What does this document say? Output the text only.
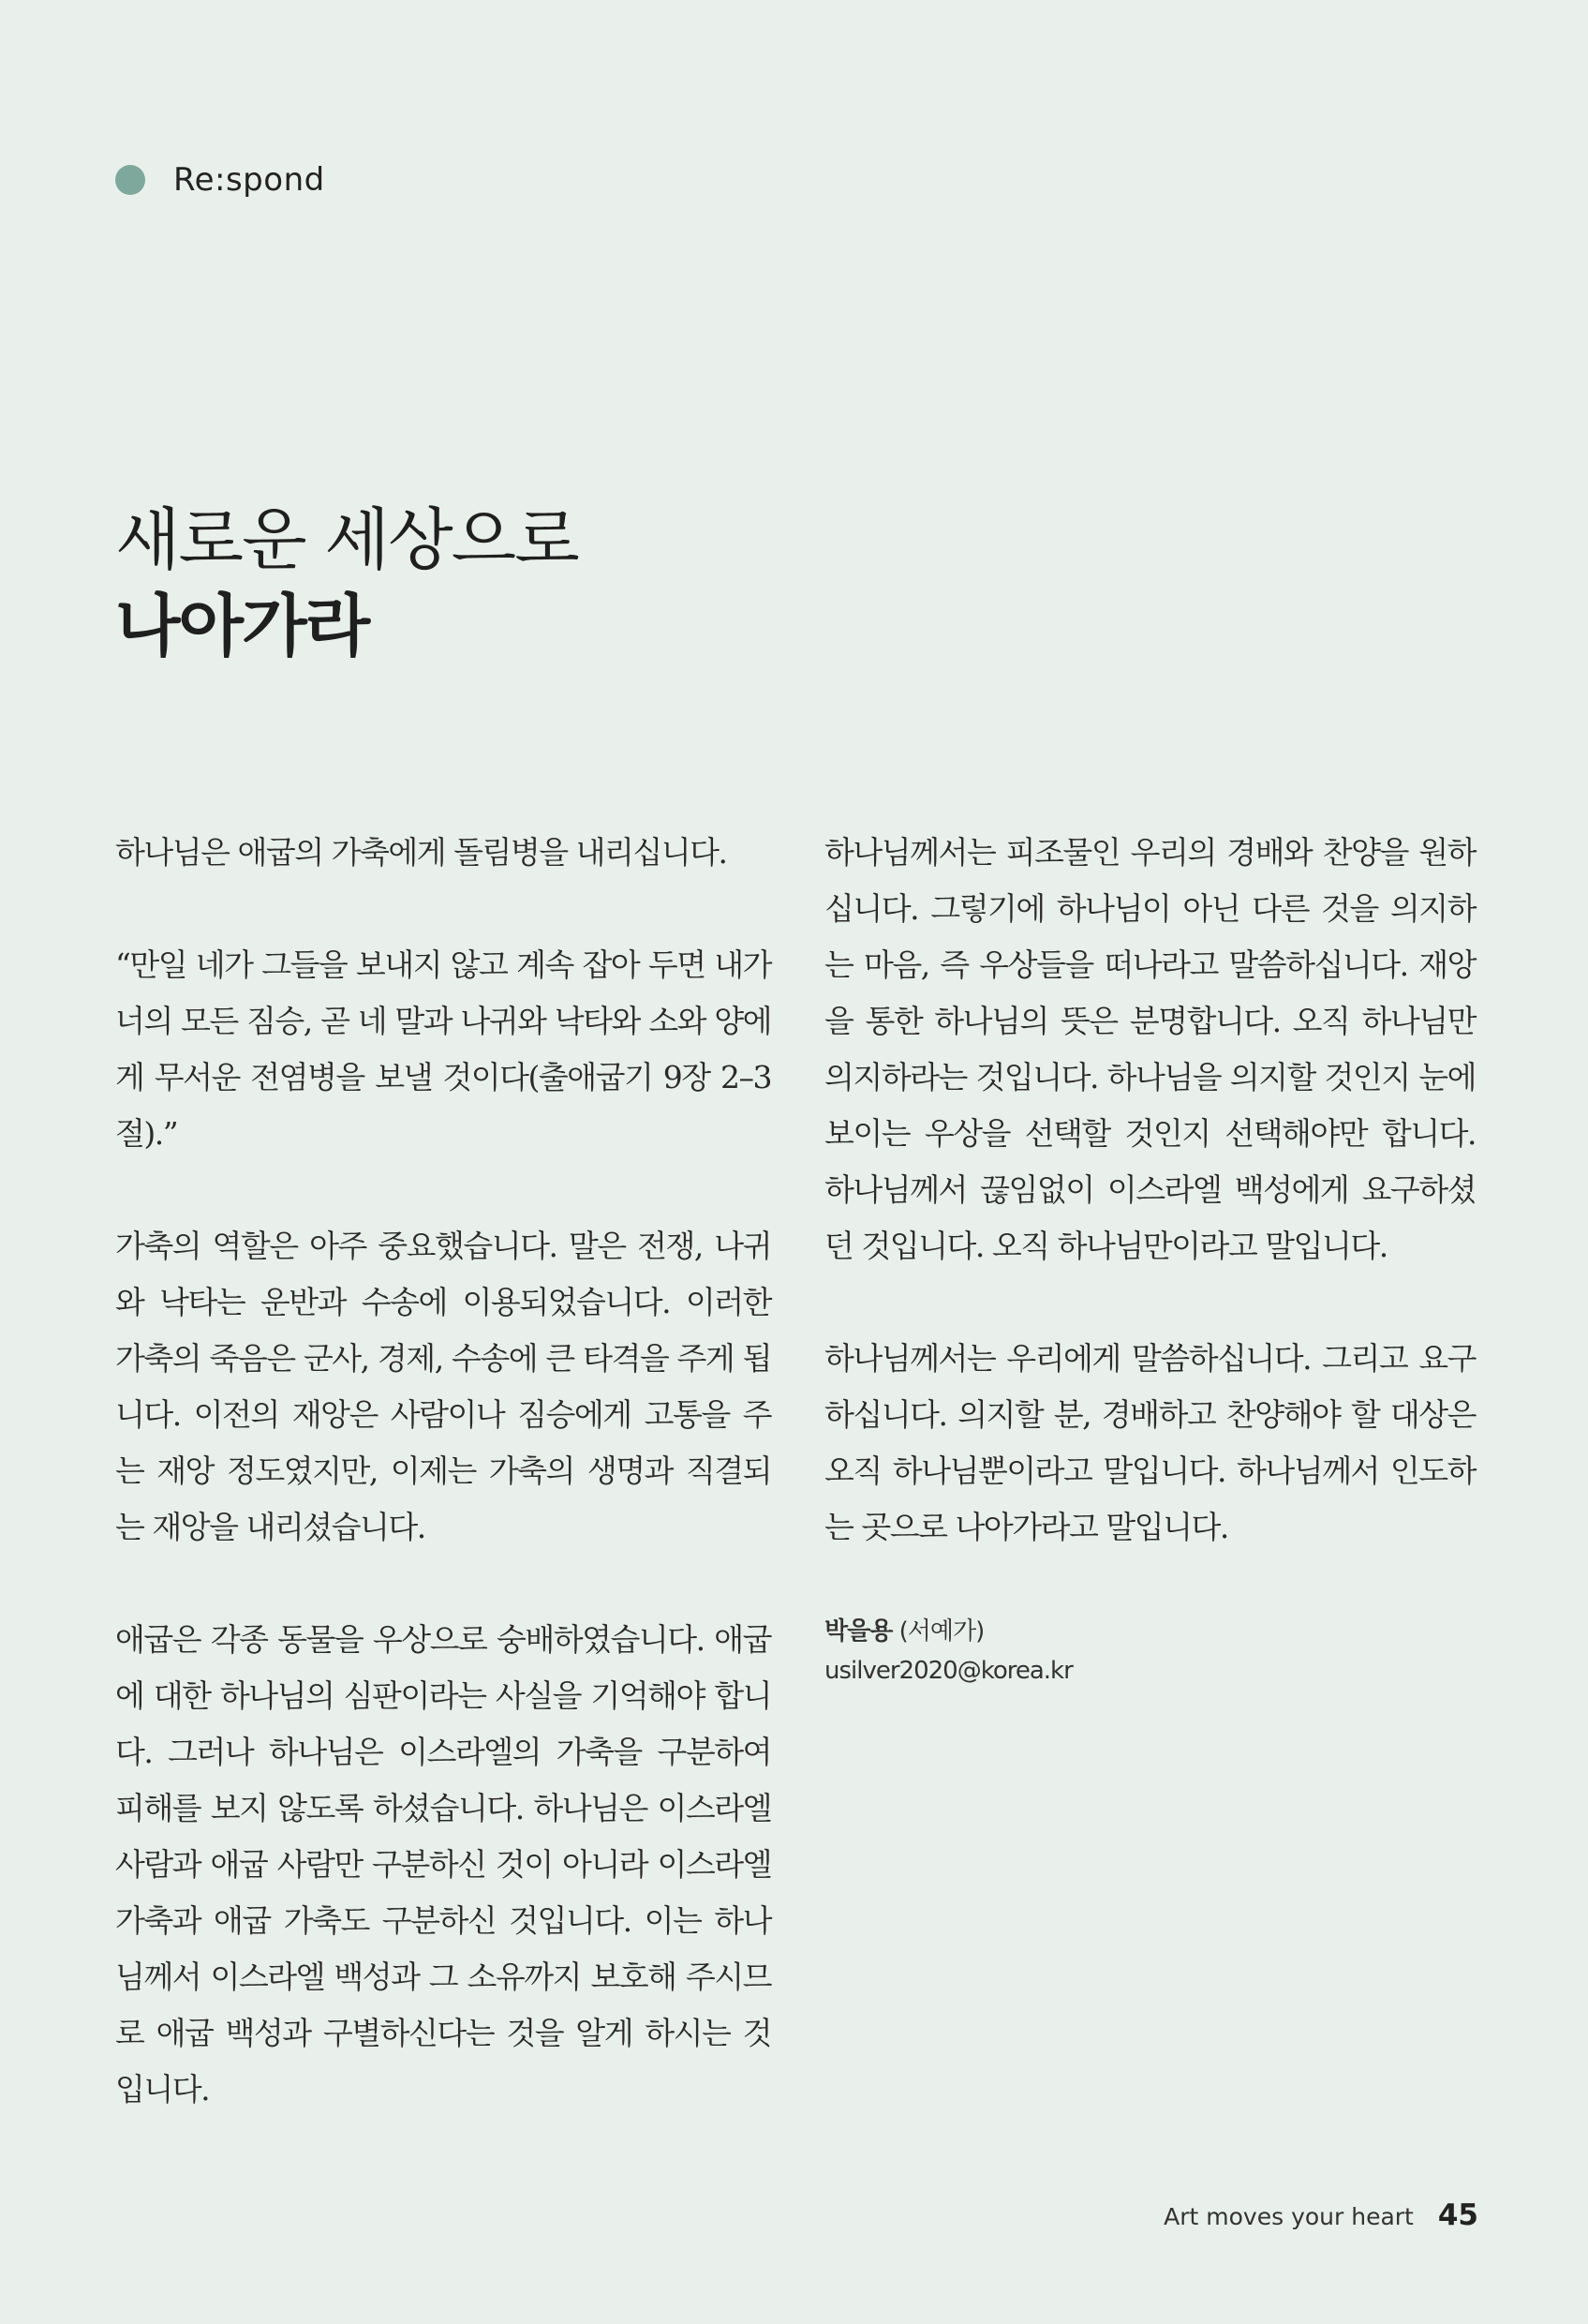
Re:spond
새로운 세상으로
나아가라

하나님은 애굽의 가축에게 돌림병을 내리십니다.

“만일 네가 그들을 보내지 않고 계속 잡아 두면 내가 너의 모든 짐승, 곧 네 말과 나귀와 낙타와 소와 양에게 무서운 전염병을 보낼 것이다(출애굽기 9장 2–3절).”

가축의 역할은 아주 중요했습니다. 말은 전쟁, 나귀와 낙타는 운반과 수송에 이용되었습니다. 이러한 가축의 죽음은 군사, 경제, 수송에 큰 타격을 주게 됩니다. 이전의 재앙은 사람이나 짐승에게 고통을 주는 재앙 정도였지만, 이제는 가축의 생명과 직결되는 재앙을 내리셨습니다.

애굽은 각종 동물을 우상으로 숭배하였습니다. 애굽에 대한 하나님의 심판이라는 사실을 기억해야 합니다. 그러나 하나님은 이스라엘의 가축을 구분하여 피해를 보지 않도록 하셨습니다. 하나님은 이스라엘 사람과 애굽 사람만 구분하신 것이 아니라 이스라엘 가축과 애굽 가축도 구분하신 것입니다. 이는 하나님께서 이스라엘 백성과 그 소유까지 보호해 주시므로 애굽 백성과 구별하신다는 것을 알게 하시는 것입니다.

하나님께서는 피조물인 우리의 경배와 찬양을 원하십니다. 그렇기에 하나님이 아닌 다른 것을 의지하는 마음, 즉 우상들을 떠나라고 말씀하십니다. 재앙을 통한 하나님의 뜻은 분명합니다. 오직 하나님만 의지하라는 것입니다. 하나님을 의지할 것인지 눈에 보이는 우상을 선택할 것인지 선택해야만 합니다. 하나님께서 끊임없이 이스라엘 백성에게 요구하셨던 것입니다. 오직 하나님만이라고 말입니다.

하나님께서는 우리에게 말씀하십니다. 그리고 요구하십니다. 의지할 분, 경배하고 찬양해야 할 대상은 오직 하나님뿐이라고 말입니다. 하나님께서 인도하는 곳으로 나아가라고 말입니다.

박을용 (서예가)
usilver2020@korea.kr
Art moves your heart 45
